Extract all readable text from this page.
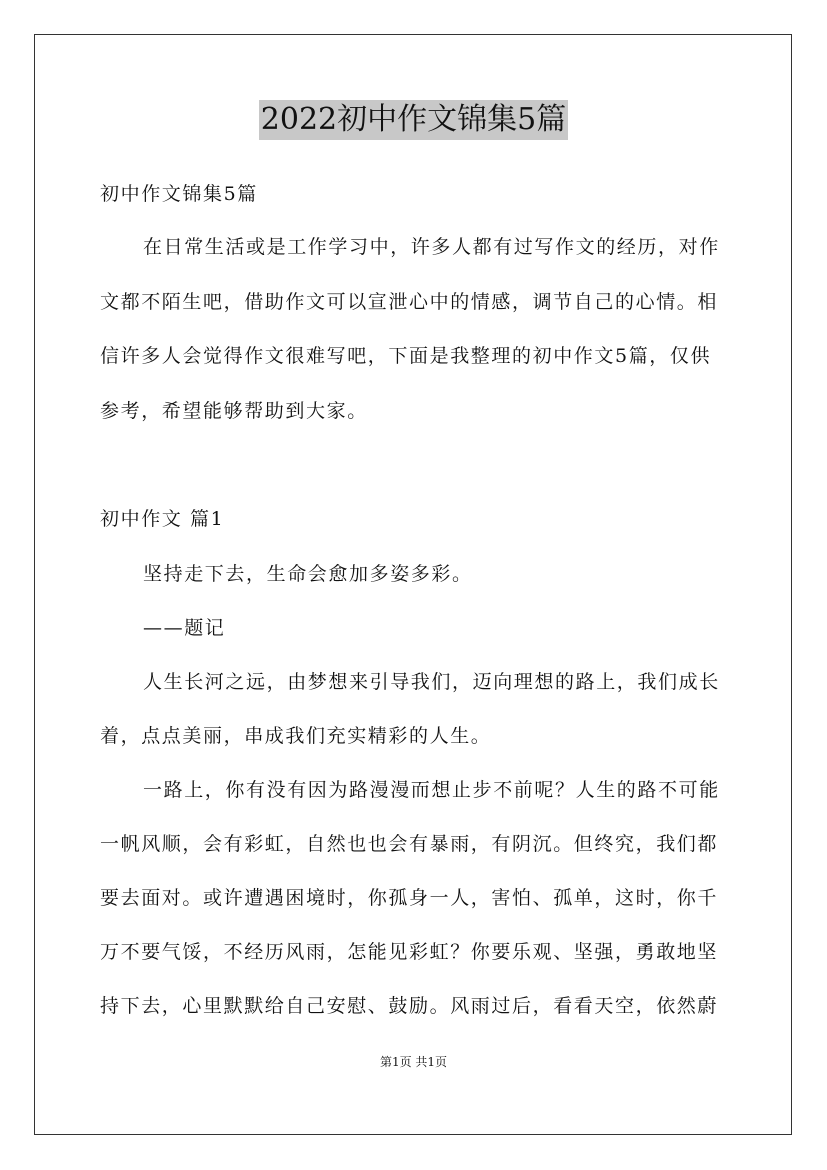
2022初中作文锦集5篇
初中作文锦集5篇
在日常生活或是工作学习中，许多人都有过写作文的经历，对作
文都不陌生吧，借助作文可以宣泄心中的情感，调节自己的心情。相
信许多人会觉得作文很难写吧，下面是我整理的初中作文5篇，仅供
参考，希望能够帮助到大家。
初中作文 篇1
坚持走下去，生命会愈加多姿多彩。
——题记
人生长河之远，由梦想来引导我们，迈向理想的路上，我们成长
着，点点美丽，串成我们充实精彩的人生。
一路上，你有没有因为路漫漫而想止步不前呢？人生的路不可能
一帆风顺，会有彩虹，自然也也会有暴雨，有阴沉。但终究，我们都
要去面对。或许遭遇困境时，你孤身一人，害怕、孤单，这时，你千
万不要气馁，不经历风雨，怎能见彩虹？你要乐观、坚强，勇敢地坚
持下去，心里默默给自己安慰、鼓励。风雨过后，看看天空，依然蔚
第1页 共1页
